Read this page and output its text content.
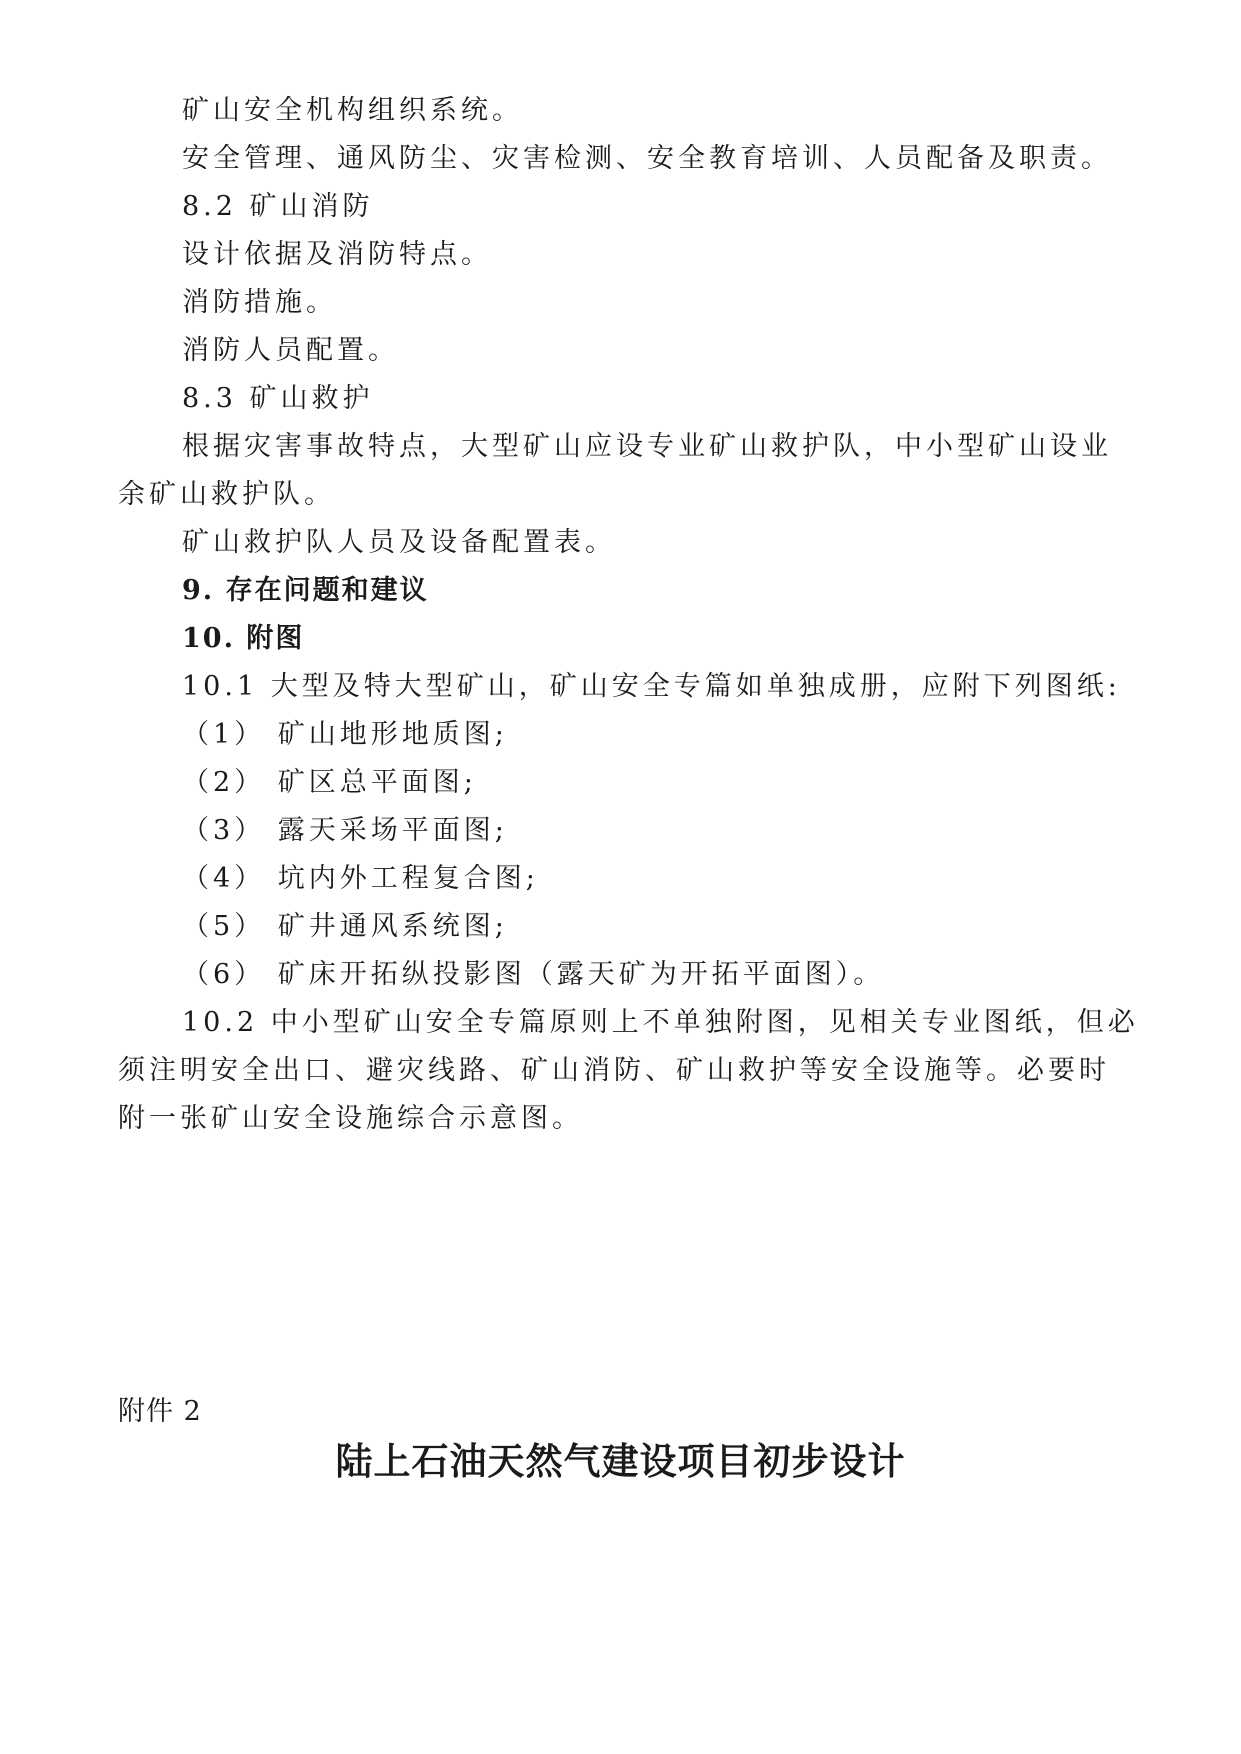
矿山安全机构组织系统。
安全管理、通风防尘、灾害检测、安全教育培训、人员配备及职责。
8.2 矿山消防
设计依据及消防特点。
消防措施。
消防人员配置。
8.3 矿山救护
根据灾害事故特点，大型矿山应设专业矿山救护队，中小型矿山设业
余矿山救护队。
矿山救护队人员及设备配置表。
9. 存在问题和建议
10. 附图
10.1 大型及特大型矿山，矿山安全专篇如单独成册，应附下列图纸:
（1） 矿山地形地质图;
（2） 矿区总平面图;
（3） 露天采场平面图;
（4） 坑内外工程复合图;
（5） 矿井通风系统图;
（6） 矿床开拓纵投影图（露天矿为开拓平面图）。
10.2 中小型矿山安全专篇原则上不单独附图，见相关专业图纸，但必
须注明安全出口、避灾线路、矿山消防、矿山救护等安全设施等。必要时
附一张矿山安全设施综合示意图。
附件 2
陆上石油天然气建设项目初步设计
